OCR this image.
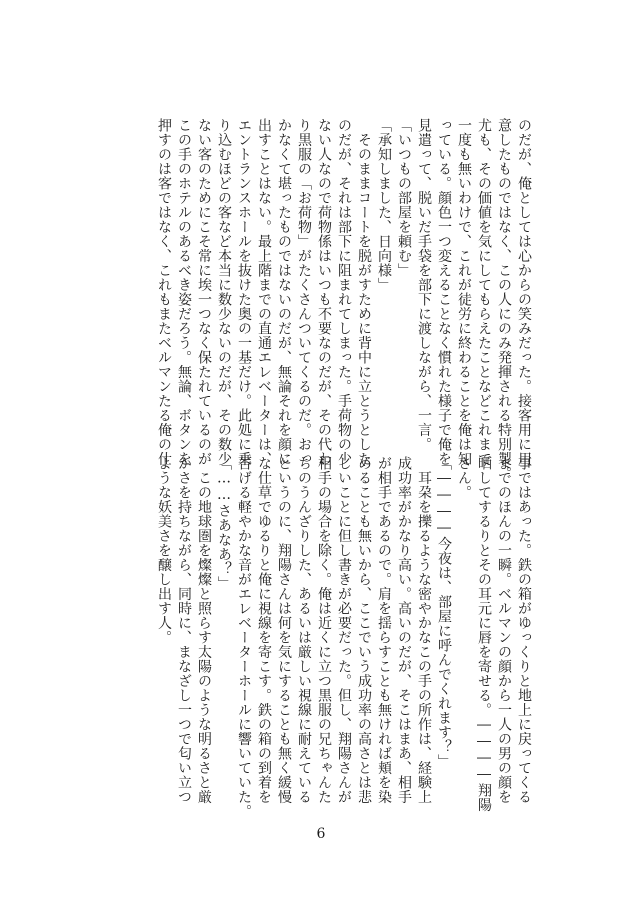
のだが、俺としては心からの笑みだった。接客用に用
意したものではなく、この人にのみ発揮される特別製。
尤も、その価値を気にしてもらえたことなどこれまで
一度も無いわけで、これが徒労に終わることを俺は知
っている。顔色一つ変えることなく慣れた様子で俺を
見遣って、脱いだ手袋を部下に渡しながら、一言。
「いつもの部屋を頼む」
「承知しました、日向様」
　そのままコートを脱がすために背中に立とうとした
のだが、それは部下に阻まれてしまった。手荷物の少
ない人なので荷物係はいつも不要なのだが、その代わ
り黒服の「お荷物」がたくさんついてくるのだ。おっ
かなくて堪ったものではないのだが、無論それを顔に
出すことはない。最上階までの直通エレベーターは、
エントランスホールを抜けた奥の一基だけ。此処に乗
り込むほどの客など本当に数少ないのだが、その数少
ない客のためにこそ常に埃一つなく保たれているのが
この手のホテルのあるべき姿だろう。無論、ボタンを
押すのは客ではなく、これもまたベルマンたる俺の仕
事ではあった。鉄の箱がゆっくりと地上に戻ってくる
までのほんの一瞬。ベルマンの顔から一人の男の顔を
晒してするりとその耳元に唇を寄せる。――――翔陽
さん。
「――――今夜は、部屋に呼んでくれます？」
　耳朶を擽るような密やかなこの手の所作は、経験上
成功率がかなり高い。高いのだが、そこはまあ、相手
が相手であるので。肩を揺らすことも無ければ頬を染
めることも無いから、ここでいう成功率の高さとは悲
しいことに但し書きが必要だった。但し、翔陽さんが
相手の場合を除く。俺は近くに立つ黒服の兄ちゃんた
ちのうんざりした、あるいは厳しい視線に耐えている
というのに、翔陽さんは何を気にすることも無く緩慢
な仕草でゆるりと俺に視線を寄こす。鉄の箱の到着を
告げる軽やかな音がエレベーターホールに響いていた。
「……さあなあ？」
　この地球圏を燦燦と照らす太陽のような明るさと厳
かさを持ちながら、同時に、まなざし一つで匂い立つ
ような妖美さを醸し出す人。
6
